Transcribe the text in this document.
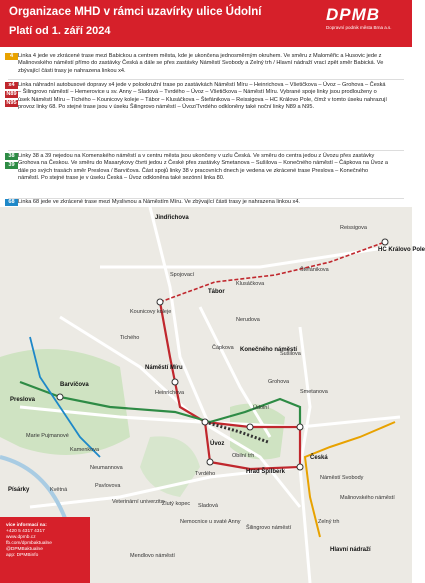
Organizace MHD v rámci uzavírky ulice Údolní
Platí od 1. září 2024
DPMB
Dopravní podnik města Brna a.s.
4 Linka 4 jede ve zkrácené trase mezi Babickou a centrem města, kde je ukončena jednosměrným okruhem. Ve směru z Maloměřic a Husovic jede z Malinovského náměstí přímo do zastávky Česká a dále se přes zastávky Náměstí Svobody a Zelný trh / Hlavní nádraží vrací zpět směr Babická. Ve zbývající části trasy je nahrazena linkou x4.
x4
N89
N95
Linka náhradní autobusové dopravy x4 jede v polookružní trase po zastávkách Náměstí Míru – Heinrichova – Všetičkova – Úvoz – Grohova – Česká – Šilingrovo náměstí – Hemerovice u sv. Anny – Sladová – Tvrdého – Úvoz – Všetičkova – Náměstí Míru. Vybrané spoje linky jsou prodlouženy o úsek Náměstí Míru – Tichého – Kounicovy koleje – Tábor – Klusáčkova – Štefánikova – Reissigova – HC Královo Pole, čímž v tomto úseku nahrazují provoz linky 68. Po stejné trase jsou v úseku Šilingrovo náměstí – Úvoz/Tvrdého odkloněny také noční linky N89 a N95.
38
39
Linky 38 a 39 nejedou na Komenského náměstí a v centru města jsou ukončeny v uzlu Česká. Ve směru do centra jedou z Úvozu přes zastávky Grohova na Českou. Ve směru do Masarykovy čtvrti jedou z České přes zastávky Smetanova – Sušilova – Konečného náměstí – Čápkova na Úvoz a dále po svých trasách směr Preslova / Barvičova. Část spojů linky 38 v pracovních dnech je vedena ve zkrácené trase Preslova – Konečného náměstí. Po stejné trase je v úseku Česká – Úvoz odkloněna také sezónní linka 80.
68 Linka 68 jede ve zkrácené trase mezi Myslivnou a Náměstím Míru. Ve zbývající části trasy je nahrazena linkou x4.
Jindřichova
Reissigova
HC Královo Pole
Štefánikova
Klusáčkova
Spojovací
Tábor
Kounicovy koleje
Tichého
Náměstí Míru
Heinrichova
Barvičova
Preslova
Marie Pujmanové
Kamenkova
Neumannova
Písárky	Květná
Pavlovova
Veterinární univerzita
Žlutý kopec
Tvrdého
Úvoz
Obilní trh
Grohova
Smetanova
Konečného náměstí
Čápkova
Údolní
Nerudova
Sušilova
Hrad Špilberk
Česká
Náměstí Svobody
Malinovského náměstí
Zelný trh
Hlavní nádraží
Sladová
Nemocnice u svaté Anny
Šilingrovo náměstí
Mendlovo náměstí
více informací na:
+420 5 4317 4317
www.dpmb.cz
fb.com/dpmbaktualne
@DPMBaktualne
app: DPMBinfo
